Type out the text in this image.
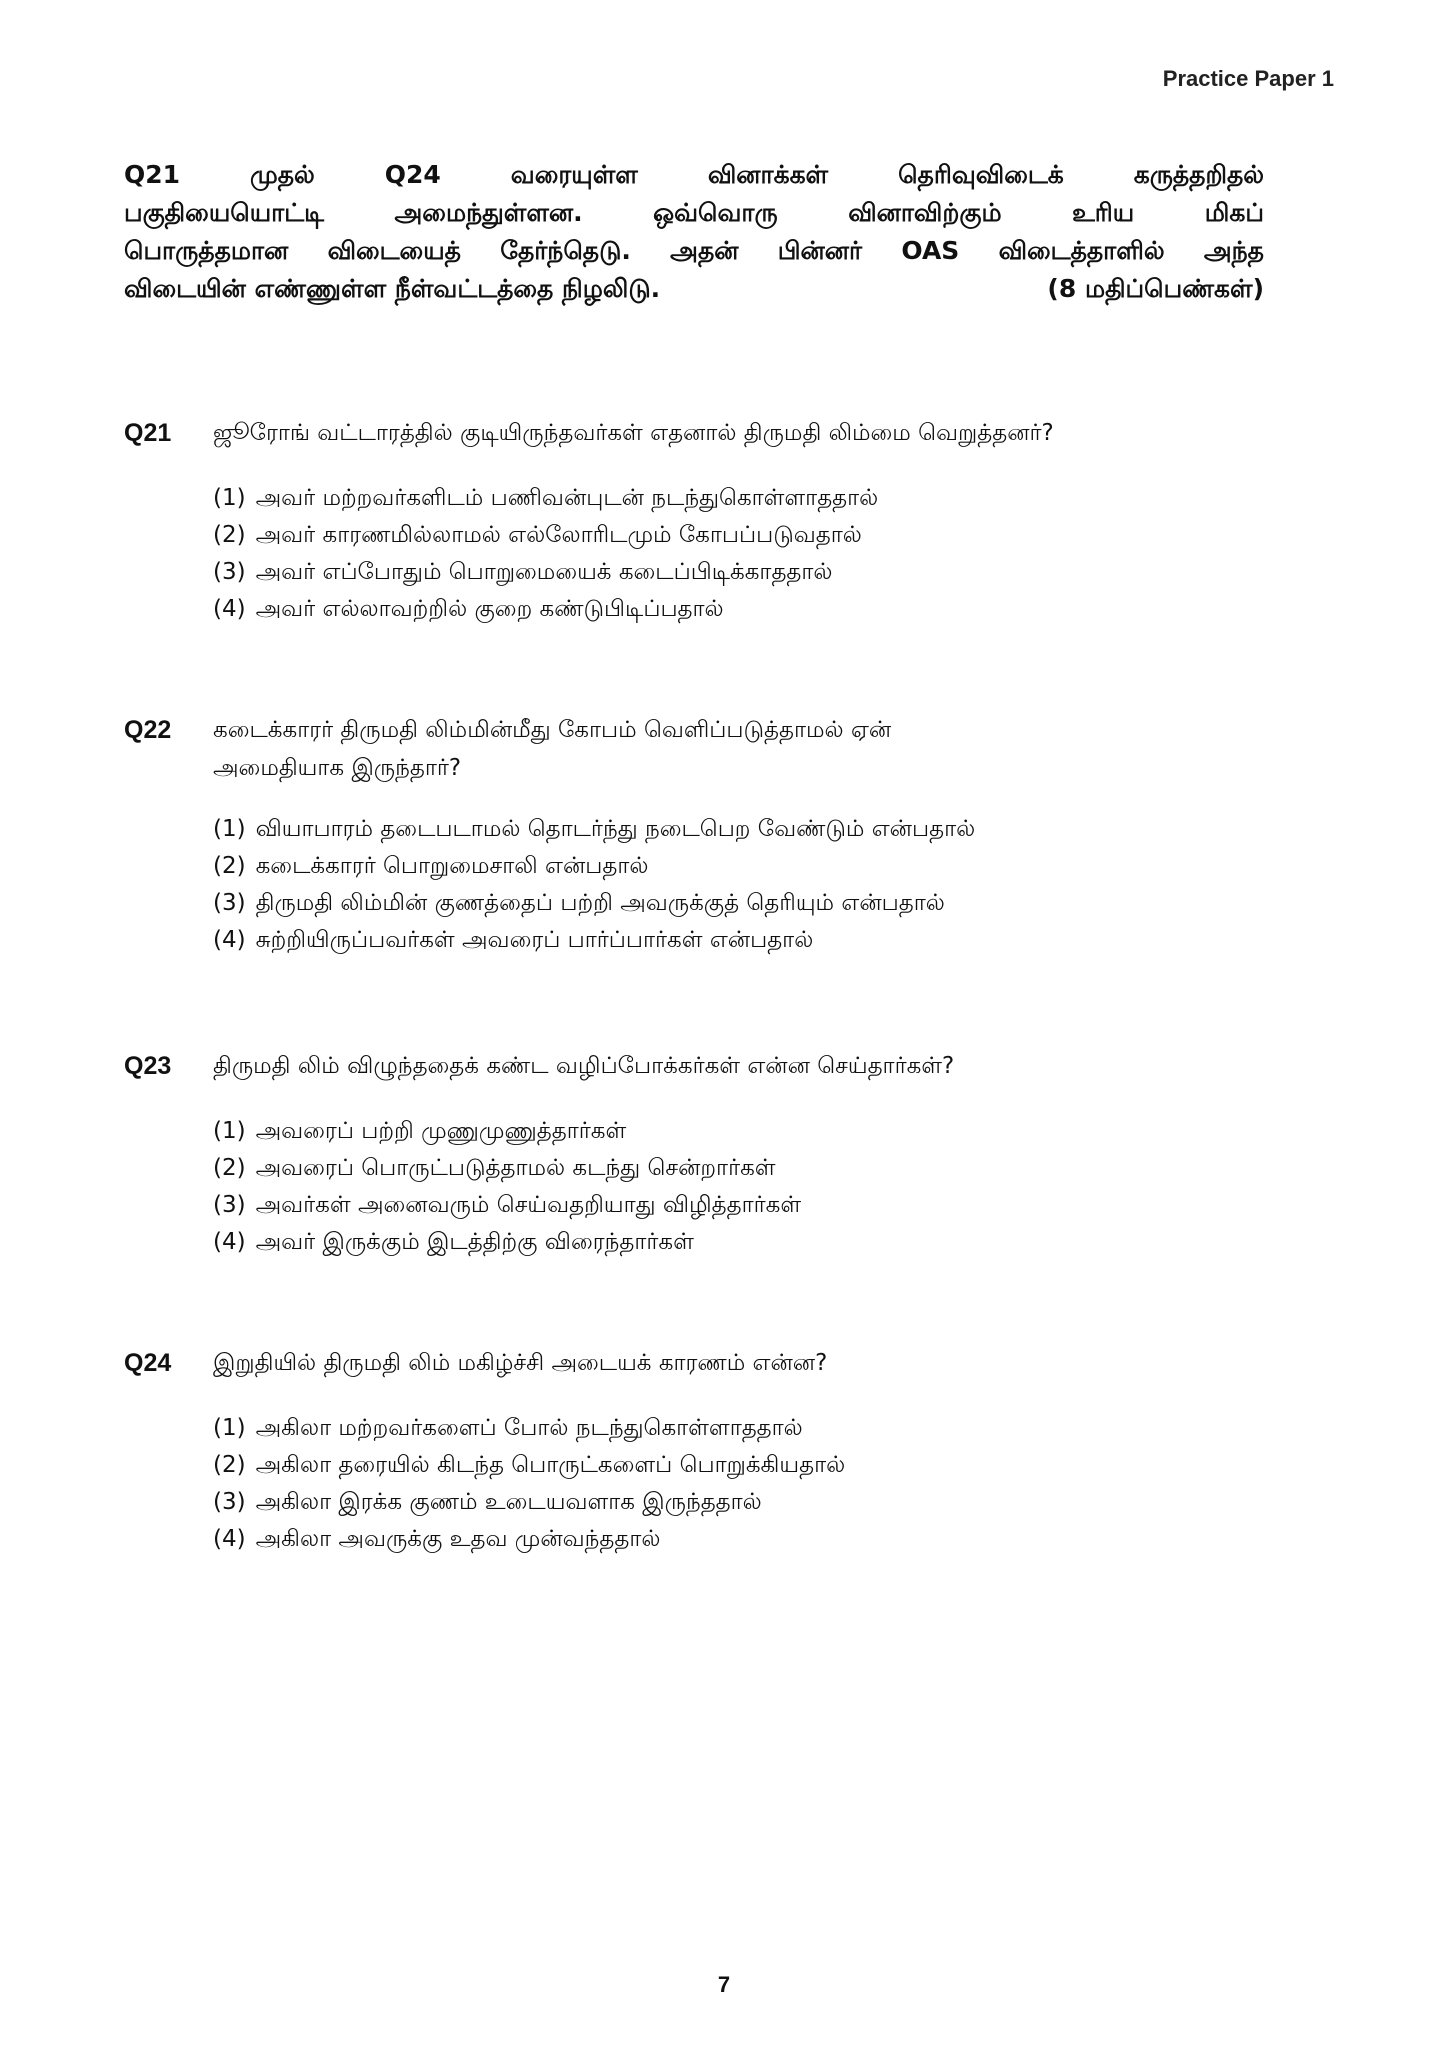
Practice Paper 1
Q21	முதல்	Q24	வரையுள்ள	வினாக்கள்	தெரிவுவிடைக்	கருத்தறிதல்
பகுதியையொட்டி	அமைந்துள்ளன.	ஒவ்வொரு	வினாவிற்கும்	உரிய	மிகப்
பொருத்தமான விடையைத் தேர்ந்தெடு. அதன் பின்னர் OAS விடைத்தாளில் அந்த
விடையின் எண்ணுள்ள நீள்வட்டத்தை நிழலிடு.	(8 மதிப்பெண்கள்)
Q21	ஜூரோங் வட்டாரத்தில் குடியிருந்தவர்கள் எதனால் திருமதி லிம்மை வெறுத்தனர்?
(1) அவர் மற்றவர்களிடம் பணிவன்புடன் நடந்துகொள்ளாததால்
(2) அவர் காரணமில்லாமல் எல்லோரிடமும் கோபப்படுவதால்
(3) அவர் எப்போதும் பொறுமையைக் கடைப்பிடிக்காததால்
(4) அவர் எல்லாவற்றில் குறை கண்டுபிடிப்பதால்
Q22	கடைக்காரர் திருமதி லிம்மின்மீது கோபம் வெளிப்படுத்தாமல் ஏன் அமைதியாக இருந்தார்?
(1) வியாபாரம் தடைபடாமல் தொடர்ந்து நடைபெற வேண்டும் என்பதால்
(2) கடைக்காரர் பொறுமைசாலி என்பதால்
(3) திருமதி லிம்மின் குணத்தைப் பற்றி அவருக்குத் தெரியும் என்பதால்
(4) சுற்றியிருப்பவர்கள் அவரைப் பார்ப்பார்கள் என்பதால்
Q23	திருமதி லிம் விழுந்ததைக் கண்ட வழிப்போக்கர்கள் என்ன செய்தார்கள்?
(1) அவரைப் பற்றி முணுமுணுத்தார்கள்
(2) அவரைப் பொருட்படுத்தாமல் கடந்து சென்றார்கள்
(3) அவர்கள் அனைவரும் செய்வதறியாது விழித்தார்கள்
(4) அவர் இருக்கும் இடத்திற்கு விரைந்தார்கள்
Q24	இறுதியில் திருமதி லிம் மகிழ்ச்சி அடையக் காரணம் என்ன?
(1) அகிலா மற்றவர்களைப் போல் நடந்துகொள்ளாததால்
(2) அகிலா தரையில் கிடந்த பொருட்களைப் பொறுக்கியதால்
(3) அகிலா இரக்க குணம் உடையவளாக இருந்ததால்
(4) அகிலா அவருக்கு உதவ முன்வந்ததால்
7
